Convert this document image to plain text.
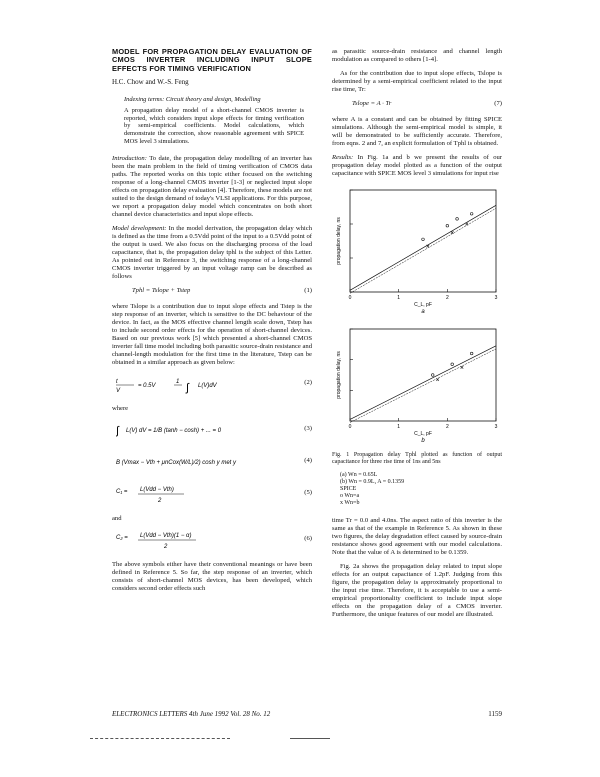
MODEL FOR PROPAGATION DELAY EVALUATION OF CMOS INVERTER INCLUDING INPUT SLOPE EFFECTS FOR TIMING VERIFICATION
H.C. Chow and W.-S. Feng
Indexing terms: Circuit theory and design, Modelling
A propagation delay model of a short-channel CMOS inverter is reported, which considers input slope effects for timing verification by semi-empirical coefficients. Model calculations, which demonstrate the correction, show reasonable agreement with SPICE MOS level 3 simulations.

Introduction: To date, the propagation delay modelling of an inverter has been the main problem in the field of timing verification of CMOS data paths. The reported works on this topic either focused on the switching response of a long-channel CMOS inverter [1-3] or neglected input slope effects on propagation delay evaluation [4]. Therefore, these models are not suited to the design demand of today's VLSI applications. For this purpose, we report a propagation delay model which concentrates on both short channel device characteristics and input slope effects.

Model development: In the model derivation, the propagation delay which is defined as the time from a 0.5Vdd point of the input to a 0.5Vdd point of the output is used. We also focus on the discharging process of the load capacitance, that is, the propagation delay tphl is the subject of this Letter. As pointed out in Reference 3, the switching response of a long-channel CMOS inverter triggered by an input voltage ramp can be described as follows

Tphl = Tslope + Tstep	(1)

where Tslope is a contribution due to input slope effects and Tstep is the step response of an inverter, which is sensitive to the DC behaviour of the device. In fact, as the MOS effective channel length scale down, Tstep has to include second order effects for the operation of short-channel devices. Based on our previous work [5] which presented a short-channel CMOS inverter fall time model including both parasitic source-drain resistance and channel-length modulation for the first time in the literature, Tstep can be obtained in a similar approach as given below:

t
V
= 0.5V
1 ∫ L(V)dV	(2)

where

∫ L(V) dV = 1/B (tanh − cosh) + ... = 0	(3)
B (Vmax − Vth + μnCox(W/L)/2) cosh y met y	(4)
C₁ = L(Vdd − Vth)
2
(5)

and

C₂ = L(Vdd − Vth)(1 − α)
2
(6)

The above symbols either have their conventional meanings or have been defined in Reference 5. So far, the step response of an inverter, which consists of short-channel MOS devices, has been developed, which considers second order effects such

as parasitic source-drain resistance and channel length modulation as compared to others [1-4].

As for the contribution due to input slope effects, Tslope is determined by a semi-empirical coefficient related to the input rise time, Tr:

Tslope = A · Tr	(7)

where A is a constant and can be obtained by fitting SPICE simulations. Although the semi-empirical model is simple, it will be demonstrated to be sufficiently accurate. Therefore, from eqns. 2 and 7, an explicit formulation of Tphl is obtained.

Results: In Fig. 1a and b we present the results of our propagation delay model plotted as a function of the output capacitance with SPICE MOS level 3 simulations for input rise

0	1	2	3
C_L, pF
propagation delay, ns
a
0	1	2	3
C_L, pF
propagation delay, ns
b
Fig. 1 Propagation delay Tphl plotted as function of output capacitance for three rise time of 1ns and 5ns
(a) Wn = 0.65L
(b) Wn = 0.9L, A = 0.1359
SPICE
o Wn=a
x Wn=b

time Tr = 0.0 and 4.0ns. The aspect ratio of this inverter is the same as that of the example in Reference 5. As shown in these two figures, the delay degradation effect caused by source-drain resistance shows good agreement with our model calculations. Note that the value of A is determined to be 0.1359.

Fig. 2a shows the propagation delay related to input slope effects for an output capacitance of 1.2pF. Judging from this figure, the propagation delay is approximately proportional to the input rise time. Therefore, it is acceptable to use a semi-empirical proportionality coefficient to include input slope effects on the propagation delay of a CMOS inverter. Furthermore, the unique features of our model are illustrated.

ELECTRONICS LETTERS 4th June 1992 Vol. 28 No. 12	1159
